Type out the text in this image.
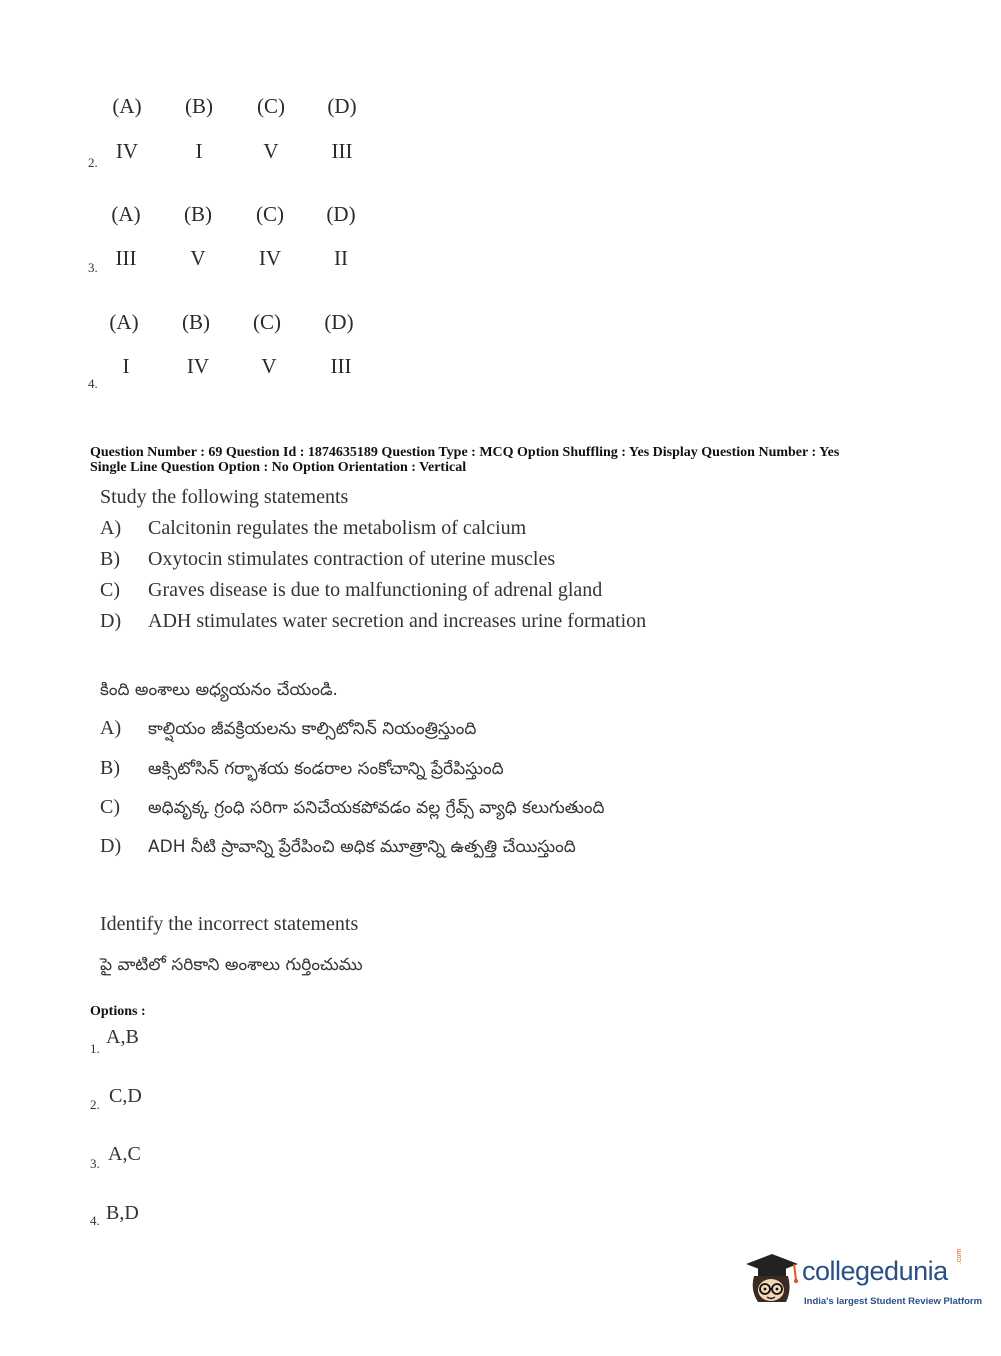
(A)	(B)	(C)	(D)
2. IV	I	V	III
(A)	(B)	(C)	(D)
3. III	V	IV	II
(A)	(B)	(C)	(D)
4.
I	IV	V	III
Question Number : 69 Question Id : 1874635189 Question Type : MCQ Option Shuffling : Yes Display Question Number : Yes
Single Line Question Option : No Option Orientation : Vertical
Study the following statements
A) Calcitonin regulates the metabolism of calcium
B) Oxytocin stimulates contraction of uterine muscles
C) Graves disease is due to malfunctioning of adrenal gland
D) ADH stimulates water secretion and increases urine formation
కింది అంశాలు అధ్యయనం చేయండి.
A) కాల్షియం జీవక్రియలను కాల్సిటోనిన్ నియంత్రిస్తుంది
B) ఆక్సిటోసిన్ గర్భాశయ కండరాల సంకోచాన్ని ప్రేరేపిస్తుంది
C) అధివృక్క గ్రంధి సరిగా పనిచేయకపోవడం వల్ల గ్రేవ్స్ వ్యాధి కలుగుతుంది
D) ADH నీటి స్రావాన్ని ప్రేరేపించి అధిక మూత్రాన్ని ఉత్పత్తి చేయిస్తుంది
Identify the incorrect statements
పై వాటిలో సరికాని అంశాలు గుర్తించుము
Options :
1.
A,B
2. C,D
3. A,C
4. B,D
collegedunia .com
India's largest Student Review Platform
